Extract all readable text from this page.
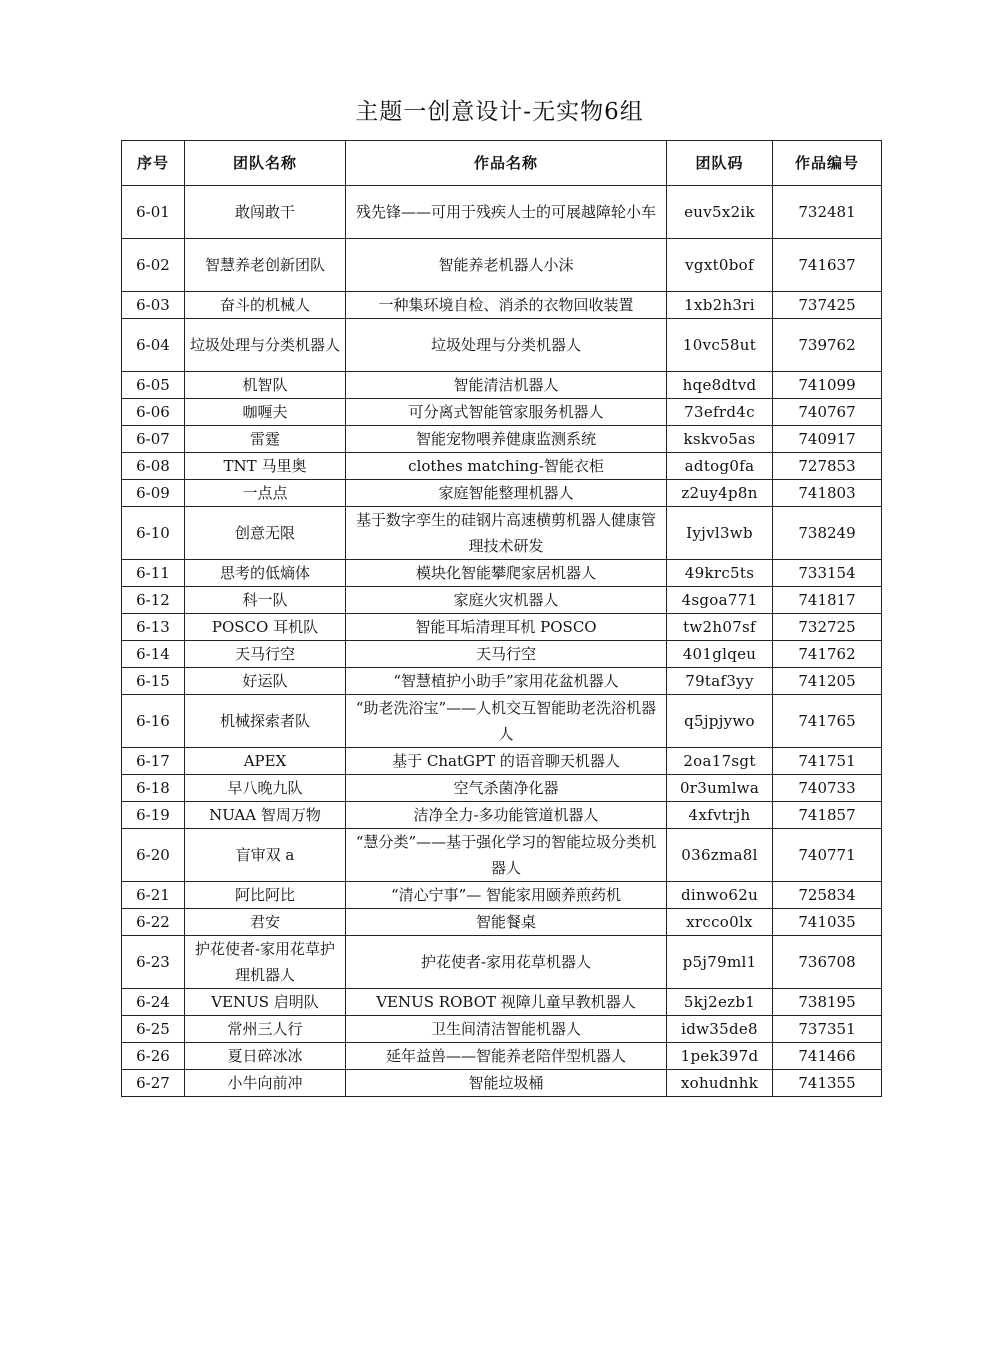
主题一创意设计-无实物6组
序号	团队名称	作品名称	团队码	作品编号
6-01	敢闯敢干	残先锋——可用于残疾人士的可展越障轮小车	euv5x2ik	732481
6-02	智慧养老创新团队	智能养老机器人小沫	vgxt0bof	741637
6-03	奋斗的机械人	一种集环境自检、消杀的衣物回收装置	1xb2h3ri	737425
6-04	垃圾处理与分类机器人	垃圾处理与分类机器人	10vc58ut	739762
6-05	机智队	智能清洁机器人	hqe8dtvd	741099
6-06	咖喱夫	可分离式智能管家服务机器人	73efrd4c	740767
6-07	雷霆	智能宠物喂养健康监测系统	kskvo5as	740917
6-08	TNT 马里奥	clothes matching-智能衣柜	adtog0fa	727853
6-09	一点点	家庭智能整理机器人	z2uy4p8n	741803
6-10	创意无限	基于数字孪生的硅钢片高速横剪机器人健康管理技术研发	Iyjvl3wb	738249
6-11	思考的低熵体	模块化智能攀爬家居机器人	49krc5ts	733154
6-12	科一队	家庭火灾机器人	4sgoa771	741817
6-13	POSCO 耳机队	智能耳垢清理耳机 POSCO	tw2h07sf	732725
6-14	天马行空	天马行空	401glqeu	741762
6-15	好运队	“智慧植护小助手”家用花盆机器人	79taf3yy	741205
6-16	机械探索者队	“助老洗浴宝”——人机交互智能助老洗浴机器人	q5jpjywo	741765
6-17	APEX	基于 ChatGPT 的语音聊天机器人	2oa17sgt	741751
6-18	早八晚九队	空气杀菌净化器	0r3umlwa	740733
6-19	NUAA 智周万物	洁净全力-多功能管道机器人	4xfvtrjh	741857
6-20	盲审双 a	“慧分类”——基于强化学习的智能垃圾分类机器人	036zma8l	740771
6-21	阿比阿比	“清心宁事”— 智能家用颐养煎药机	dinwo62u	725834
6-22	君安	智能餐桌	xrcco0lx	741035
6-23	护花使者-家用花草护理机器人	护花使者-家用花草机器人	p5j79ml1	736708
6-24	VENUS 启明队	VENUS ROBOT 视障儿童早教机器人	5kj2ezb1	738195
6-25	常州三人行	卫生间清洁智能机器人	idw35de8	737351
6-26	夏日碎冰冰	延年益兽——智能养老陪伴型机器人	1pek397d	741466
6-27	小牛向前冲	智能垃圾桶	xohudnhk	741355
